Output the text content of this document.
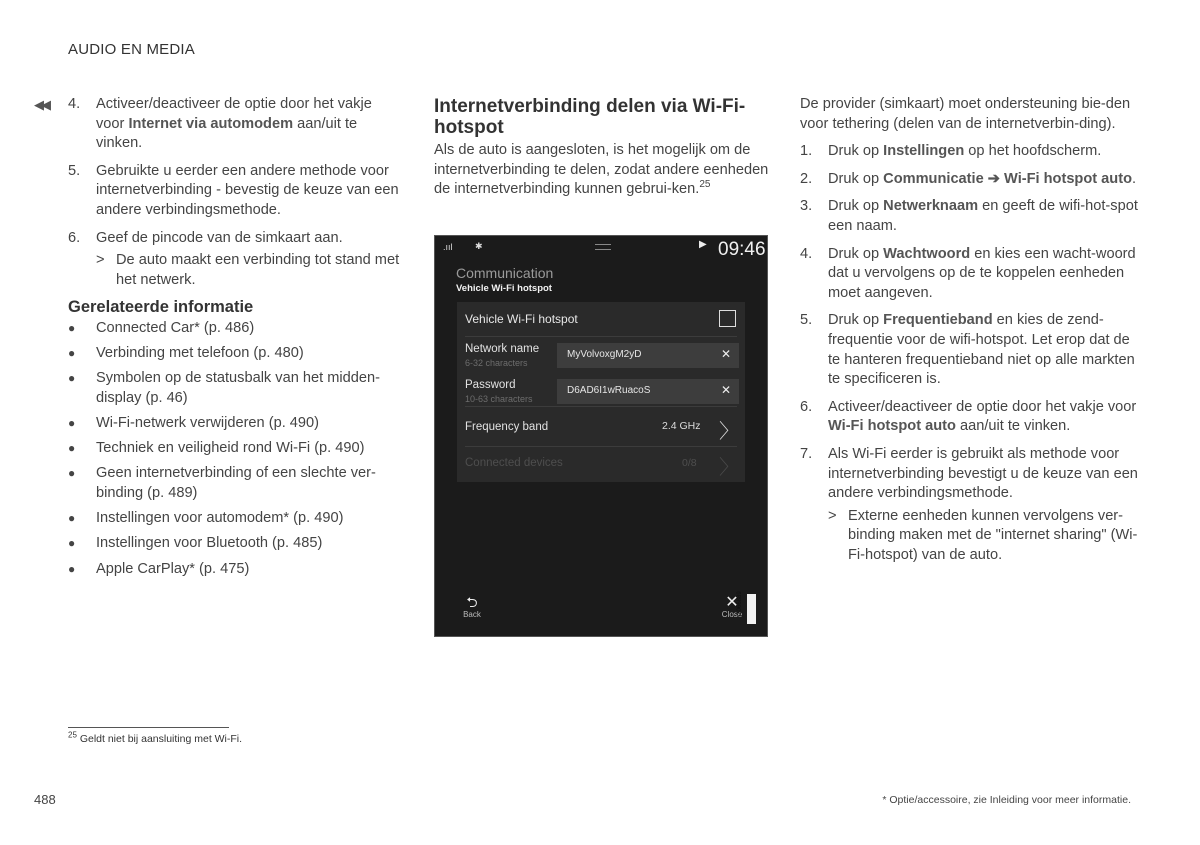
AUDIO EN MEDIA
◀◀ 4.	Activeer/deactiveer de optie door het vakje voor Internet via automodem aan/uit te vinken.
5.	Gebruikte u eerder een andere methode voor internetverbinding - bevestig de keuze van een andere verbindingsmethode.
6.	Geef de pincode van de simkaart aan.
> De auto maakt een verbinding tot stand met het netwerk.
Gerelateerde informatie
●	Connected Car* (p. 486)
●	Verbinding met telefoon (p. 480)
●	Symbolen op de statusbalk van het midden-display (p. 46)
●	Wi-Fi-netwerk verwijderen (p. 490)
●	Techniek en veiligheid rond Wi-Fi (p. 490)
●	Geen internetverbinding of een slechte ver-binding (p. 489)
●	Instellingen voor automodem* (p. 490)
●	Instellingen voor Bluetooth (p. 485)
●	Apple CarPlay* (p. 475)
Internetverbinding delen via Wi-Fi-hotspot
Als de auto is aangesloten, is het mogelijk om de internetverbinding te delen, zodat andere eenheden de internetverbinding kunnen gebrui-ken.$^{25}$
.ııl ✱	▶ 09:46
Communication
Vehicle Wi-Fi hotspot
Vehicle Wi-Fi hotspot
Network name
6-32 characters
MyVolvoxgM2yD	✕
Password
10-63 characters
D6AD6I1wRuacoS	✕
Frequency band	2.4 GHz 〉
Connected devices	0/8 〉
⮌
Back
✕
Close
G066889
De provider (simkaart) moet ondersteuning bie-den voor tethering (delen van de internetverbin-ding).
1.	Druk op Instellingen op het hoofdscherm.
2.	Druk op Communicatie ➔ Wi-Fi hotspot auto.
3.	Druk op Netwerknaam en geeft de wifi-hot-spot een naam.
4.	Druk op Wachtwoord en kies een wacht-woord dat u vervolgens op de te koppelen eenheden moet aangeven.
5.	Druk op Frequentieband en kies de zend-frequentie voor de wifi-hotspot. Let erop dat de te hanteren frequentieband niet op alle markten te specificeren is.
6.	Activeer/deactiveer de optie door het vakje voor Wi-Fi hotspot auto aan/uit te vinken.
7.	Als Wi-Fi eerder is gebruikt als methode voor internetverbinding bevestigt u de keuze van een andere verbindingsmethode.
> Externe eenheden kunnen vervolgens ver-binding maken met de "internet sharing" (Wi-Fi-hotspot) van de auto.
$^{25}$ Geldt niet bij aansluiting met Wi-Fi.
488	* Optie/accessoire, zie Inleiding voor meer informatie.
